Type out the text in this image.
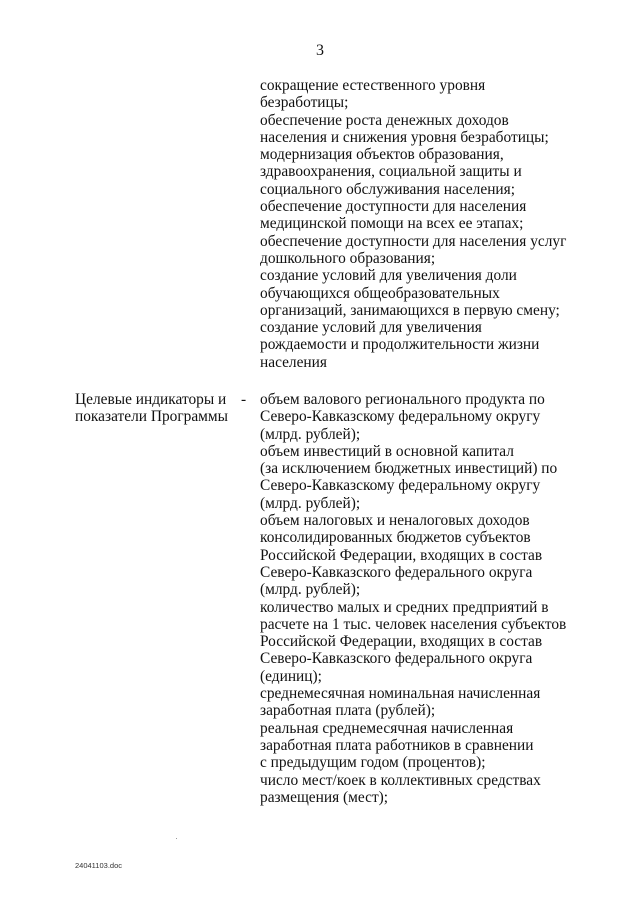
3
сокращение естественного уровня
безработицы;
обеспечение роста денежных доходов
населения и снижения уровня безработицы;
модернизация объектов образования,
здравоохранения, социальной защиты и
социального обслуживания населения;
обеспечение доступности для населения
медицинской помощи на всех ее этапах;
обеспечение доступности для населения услуг
дошкольного образования;
создание условий для увеличения доли
обучающихся общеобразовательных
организаций, занимающихся в первую смену;
создание условий для увеличения
рождаемости и продолжительности жизни
населения
Целевые индикаторы и
показатели Программы
- объем валового регионального продукта по
Северо-Кавказскому федеральному округу
(млрд. рублей);
объем инвестиций в основной капитал
(за исключением бюджетных инвестиций) по
Северо-Кавказскому федеральному округу
(млрд. рублей);
объем налоговых и неналоговых доходов
консолидированных бюджетов субъектов
Российской Федерации, входящих в состав
Северо-Кавказского федерального округа
(млрд. рублей);
количество малых и средних предприятий в
расчете на 1 тыс. человек населения субъектов
Российской Федерации, входящих в состав
Северо-Кавказского федерального округа
(единиц);
среднемесячная номинальная начисленная
заработная плата (рублей);
реальная среднемесячная начисленная
заработная плата работников в сравнении
с предыдущим годом (процентов);
число мест/коек в коллективных средствах
размещения (мест);
24041103.doc
